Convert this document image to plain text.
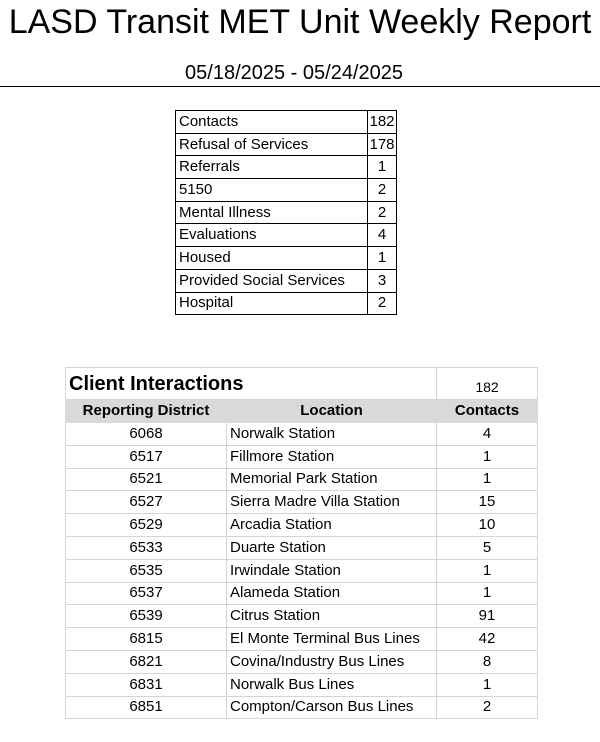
LASD Transit MET Unit Weekly Report
05/18/2025 - 05/24/2025
Contacts	182
Refusal of Services	178
Referrals	1
5150	2
Mental Illness	2
Evaluations	4
Housed	1
Provided Social Services	3
Hospital	2
Client Interactions		182
Reporting District	Location	Contacts
6068	Norwalk Station	4
6517	Fillmore Station	1
6521	Memorial Park Station	1
6527	Sierra Madre Villa Station	15
6529	Arcadia Station	10
6533	Duarte Station	5
6535	Irwindale Station	1
6537	Alameda Station	1
6539	Citrus Station	91
6815	El Monte Terminal Bus Lines	42
6821	Covina/Industry Bus Lines	8
6831	Norwalk Bus Lines	1
6851	Compton/Carson Bus Lines	2
